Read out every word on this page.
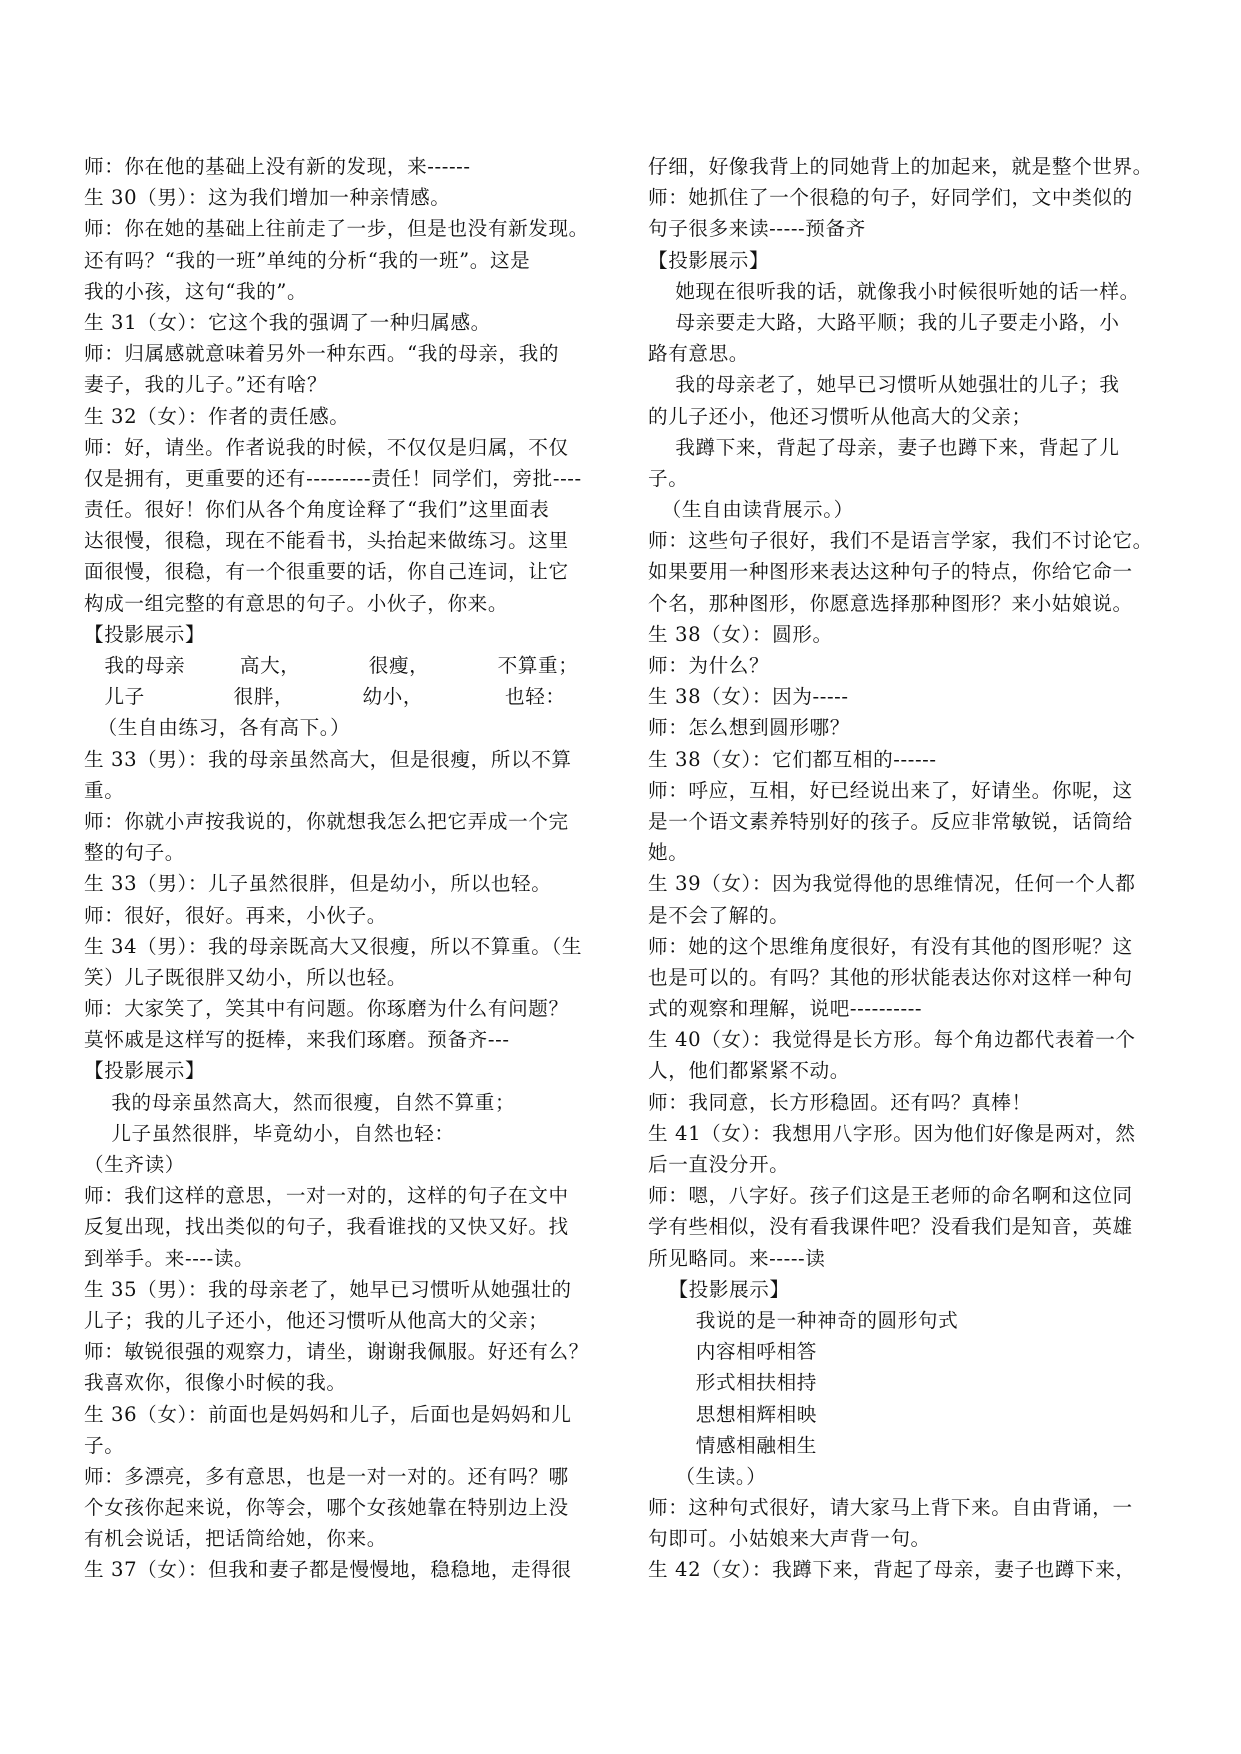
师：你在他的基础上没有新的发现，来------
生 30（男）：这为我们增加一种亲情感。
师：你在她的基础上往前走了一步，但是也没有新发现。
还有吗？“我的一班”单纯的分析“我的一班”。这是
我的小孩，这句“我的”。
生 31（女）：它这个我的强调了一种归属感。
师：归属感就意味着另外一种东西。“我的母亲，我的
妻子，我的儿子。”还有啥？
生 32（女）：作者的责任感。
师：好，请坐。作者说我的时候，不仅仅是归属，不仅
仅是拥有，更重要的还有---------责任！同学们，旁批----
责任。很好！你们从各个角度诠释了“我们”这里面表
达很慢，很稳，现在不能看书，头抬起来做练习。这里
面很慢，很稳，有一个很重要的话，你自己连词，让它
构成一组完整的有意思的句子。小伙子，你来。
【投影展示】
我的母亲        高大，          很瘦，          不算重；
儿子             很胖，          幼小，            也轻：
（生自由练习，各有高下。）
生 33（男）：我的母亲虽然高大，但是很瘦，所以不算
重。
师：你就小声按我说的，你就想我怎么把它弄成一个完
整的句子。
生 33（男）：儿子虽然很胖，但是幼小，所以也轻。
师：很好，很好。再来，小伙子。
生 34（男）：我的母亲既高大又很瘦，所以不算重。（生
笑）儿子既很胖又幼小，所以也轻。
师：大家笑了，笑其中有问题。你琢磨为什么有问题？
莫怀戚是这样写的挺棒，来我们琢磨。预备齐---
【投影展示】
我的母亲虽然高大，然而很瘦，自然不算重；
儿子虽然很胖，毕竟幼小，自然也轻：
（生齐读）
师：我们这样的意思，一对一对的，这样的句子在文中
反复出现，找出类似的句子，我看谁找的又快又好。找
到举手。来----读。
生 35（男）：我的母亲老了，她早已习惯听从她强壮的
儿子；我的儿子还小，他还习惯听从他高大的父亲；
师：敏锐很强的观察力，请坐，谢谢我佩服。好还有么？
我喜欢你，很像小时候的我。
生 36（女）：前面也是妈妈和儿子，后面也是妈妈和儿
子。
师：多漂亮，多有意思，也是一对一对的。还有吗？哪
个女孩你起来说，你等会，哪个女孩她靠在特别边上没
有机会说话，把话筒给她，你来。
生 37（女）：但我和妻子都是慢慢地，稳稳地，走得很
仔细，好像我背上的同她背上的加起来，就是整个世界。
师：她抓住了一个很稳的句子，好同学们，文中类似的
句子很多来读-----预备齐
【投影展示】
她现在很听我的话，就像我小时候很听她的话一样。
母亲要走大路，大路平顺；我的儿子要走小路，小
路有意思。
我的母亲老了，她早已习惯听从她强壮的儿子；我
的儿子还小，他还习惯听从他高大的父亲；
我蹲下来，背起了母亲，妻子也蹲下来，背起了儿
子。
（生自由读背展示。）
师：这些句子很好，我们不是语言学家，我们不讨论它。
如果要用一种图形来表达这种句子的特点，你给它命一
个名，那种图形，你愿意选择那种图形？来小姑娘说。
生 38（女）：圆形。
师：为什么？
生 38（女）：因为-----
师：怎么想到圆形哪？
生 38（女）：它们都互相的------
师：呼应，互相，好已经说出来了，好请坐。你呢，这
是一个语文素养特别好的孩子。反应非常敏锐，话筒给
她。
生 39（女）：因为我觉得他的思维情况，任何一个人都
是不会了解的。
师：她的这个思维角度很好，有没有其他的图形呢？这
也是可以的。有吗？其他的形状能表达你对这样一种句
式的观察和理解，说吧----------
生 40（女）：我觉得是长方形。每个角边都代表着一个
人，他们都紧紧不动。
师：我同意，长方形稳固。还有吗？真棒！
生 41（女）：我想用八字形。因为他们好像是两对，然
后一直没分开。
师：嗯，八字好。孩子们这是王老师的命名啊和这位同
学有些相似，没有看我课件吧？没看我们是知音，英雄
所见略同。来-----读
【投影展示】
我说的是一种神奇的圆形句式
内容相呼相答
形式相扶相持
思想相辉相映
情感相融相生
（生读。）
师：这种句式很好，请大家马上背下来。自由背诵，一
句即可。小姑娘来大声背一句。
生 42（女）：我蹲下来，背起了母亲，妻子也蹲下来，
